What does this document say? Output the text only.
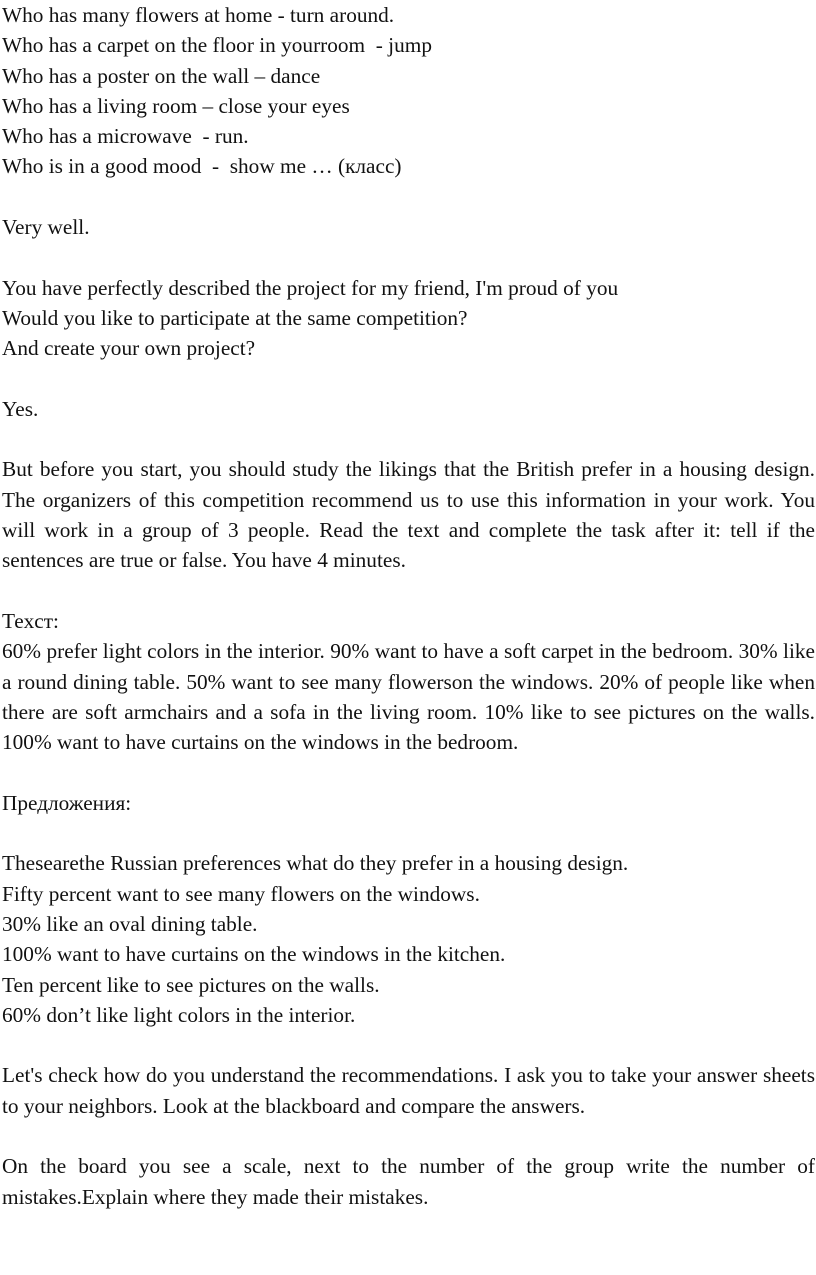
Who has many flowers at home - turn around.
Who has a carpet on the floor in yourroom  - jump
Who has a poster on the wall – dance
Who has a living room – close your eyes
Who has a microwave  - run.
Who is in a good mood  -  show me … (класс)
Very well.
You have perfectly described the project for my friend, I'm proud of you
Would you like to participate at the same competition?
And create your own project?
Yes.

But before you start, you should study the likings that the British prefer in a housing design. The organizers of this competition recommend us to use this information in your work. You will work in a group of 3 people. Read the text and complete the task after it: tell if the sentences are true or false. You have 4 minutes.

Теxст:

60% prefer light colors in the interior. 90% want to have a soft carpet in the bedroom. 30% like a round dining table. 50% want to see many flowerson the windows. 20% of people like when there are soft armchairs and a sofa in the living room. 10% like to see pictures on the walls. 100% want to have curtains on the windows in the bedroom.

Предложения:
Thesearethe Russian preferences what do they prefer in a housing design.
Fifty percent want to see many flowers on the windows.
30% like an oval dining table.
100% want to have curtains on the windows in the kitchen.
Ten percent like to see pictures on the walls.
60% don’t like light colors in the interior.

Let's check how do you understand the recommendations. I ask you to take your answer sheets to your neighbors. Look at the blackboard and compare the answers.

On the board you see a scale, next to the number of the group write the number of mistakes.Explain where they made their mistakes.
